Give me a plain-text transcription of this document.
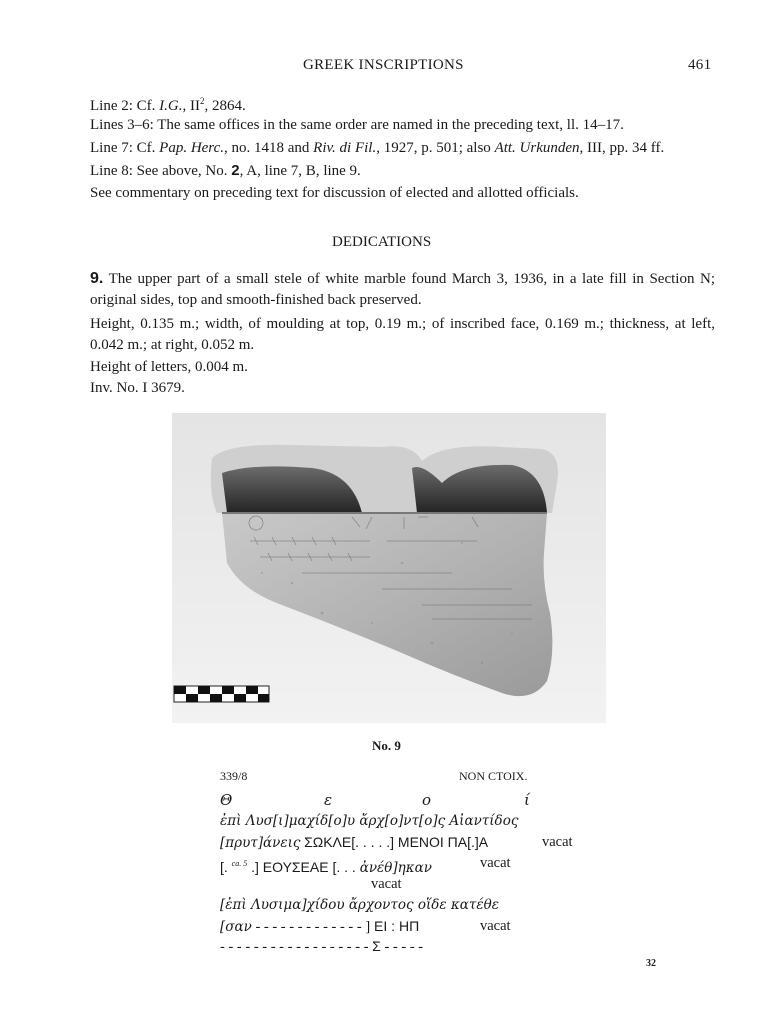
GREEK INSCRIPTIONS	461
Line 2: Cf. I.G., $II^2$, 2864.
Lines 3–6: The same offices in the same order are named in the preceding text, ll. 14–17.
Line 7: Cf. Pap. Herc., no. 1418 and Riv. di Fil., 1927, p. 501; also Att. Urkunden, III, pp. 34 ff.
Line 8: See above, No. 2, A, line 7, B, line 9.
See commentary on preceding text for discussion of elected and allotted officials.
DEDICATIONS
9. The upper part of a small stele of white marble found March 3, 1936, in a late fill in Section N; original sides, top and smooth-finished back preserved.
Height, 0.135 m.; width, of moulding at top, 0.19 m.; of inscribed face, 0.169 m.; thickness, at left, 0.042 m.; at right, 0.052 m.
Height of letters, 0.004 m.
Inv. No. I 3679.
No. 9
339/8	NON CTOIX.
Θ	ε	ο	ί
ἐπὶ Λυσ[ι]μαχίδ[ο]υ ἄρχ[ο]ντ[ο]ς Αἰαντίδος
[πρυτ]άνεις ΣΩΚΛΕ[. . . . .] ΜΕΝΟΙ ΠΑ[.]Α	vacat
[. $^{ca. 5}$ .] ΕΟΥΣΕΑΕ [. . . ἀνέθ]ηκαν	vacat
vacat
[ἐπὶ Λυσιμα]χίδου ἄρχοντος οἵδε κατέθε
[σαν - - - - - - - - - - - - - ] ΕΙ : ΗΠ	vacat
- - - - - - - - - - - - - - - - - - Σ - - - - -
32
